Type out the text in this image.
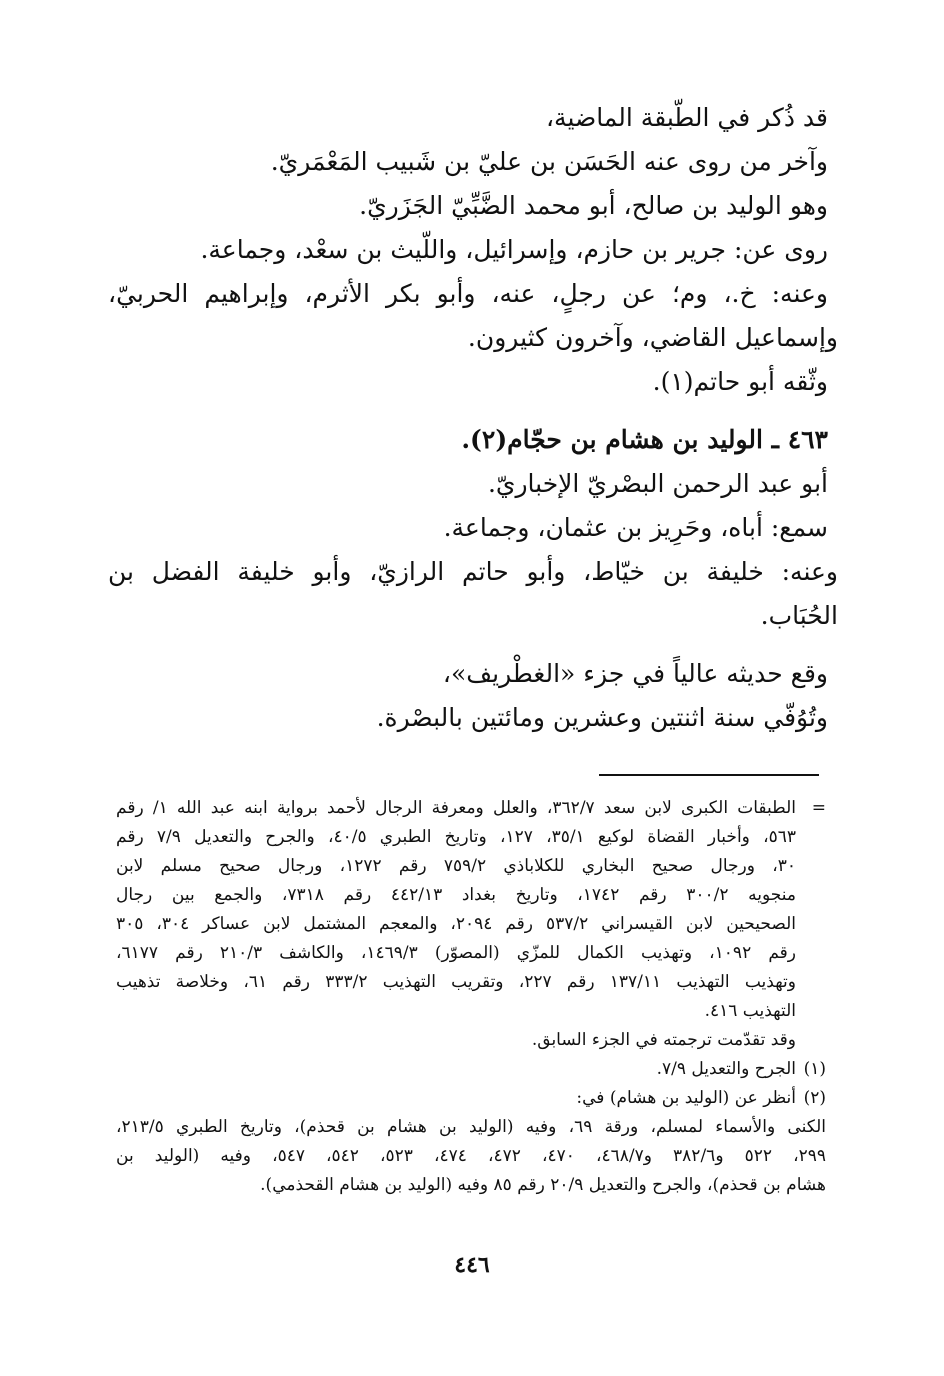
قد ذُكر في الطّبقة الماضية،
وآخر من روى عنه الحَسَن بن عليّ بن شَبيب المَعْمَريّ.
وهو الوليد بن صالح، أبو محمد الضَّبِّيّ الجَزَريّ.
روى عن: جرير بن حازم، وإسرائيل، واللّيث بن سعْد، وجماعة.
وعنه: خ.، وم؛ عن رجلٍ، عنه، وأبو بكر الأثرم، وإبراهيم الحربيّ،
وإسماعيل القاضي، وآخرون كثيرون.
وثّقه أبو حاتم(١).
٤٦٣ ـ الوليد بن هشام بن حجّام(٢).
أبو عبد الرحمن البصْريّ الإخباريّ.
سمع: أباه، وحَرِيز بن عثمان، وجماعة.
وعنه: خليفة بن خيّاط، وأبو حاتم الرازيّ، وأبو خليفة الفضل بن
الحُبَاب.
وقع حديثه عالياً في جزء «الغطْريف»،
وتُوُفّي سنة اثنتين وعشرين ومائتين بالبصْرة.
=
الطبقات الكبرى لابن سعد ٣٦٢/٧، والعلل ومعرفة الرجال لأحمد برواية ابنه عبد الله ١/ رقم
٥٦٣، وأخبار القضاة لوكيع ٣٥/١، ١٢٧، وتاريخ الطبري ٤٠/٥، والجرح والتعديل ٧/٩ رقم
٣٠، ورجال صحيح البخاري للكلاباذي ٧٥٩/٢ رقم ١٢٧٢، ورجال صحيح مسلم لابن
منجويه ٣٠٠/٢ رقم ١٧٤٢، وتاريخ بغداد ٤٤٢/١٣ رقم ٧٣١٨، والجمع بين رجال
الصحيحين لابن القيسراني ٥٣٧/٢ رقم ٢٠٩٤، والمعجم المشتمل لابن عساكر ٣٠٤، ٣٠٥
رقم ١٠٩٢، وتهذيب الكمال للمزّي (المصوّر) ١٤٦٩/٣، والكاشف ٢١٠/٣ رقم ٦١٧٧،
وتهذيب التهذيب ١٣٧/١١ رقم ٢٢٧، وتقريب التهذيب ٣٣٣/٢ رقم ٦١، وخلاصة تذهيب
التهذيب ٤١٦.
وقد تقدّمت ترجمته في الجزء السابق.
(١)
الجرح والتعديل ٧/٩.
(٢)
أنظر عن (الوليد بن هشام) في:
الكنى والأسماء لمسلم، ورقة ٦٩، وفيه (الوليد بن هشام بن قحذم)، وتاريخ الطبري ٢١٣/٥،
٢٩٩، ٥٢٢ و٣٨٢/٦ و٤٦٨/٧، ٤٧٠، ٤٧٢، ٤٧٤، ٥٢٣، ٥٤٢، ٥٤٧، وفيه (الوليد بن
هشام بن قحذم)، والجرح والتعديل ٢٠/٩ رقم ٨٥ وفيه (الوليد بن هشام القحذمي).
٤٤٦
